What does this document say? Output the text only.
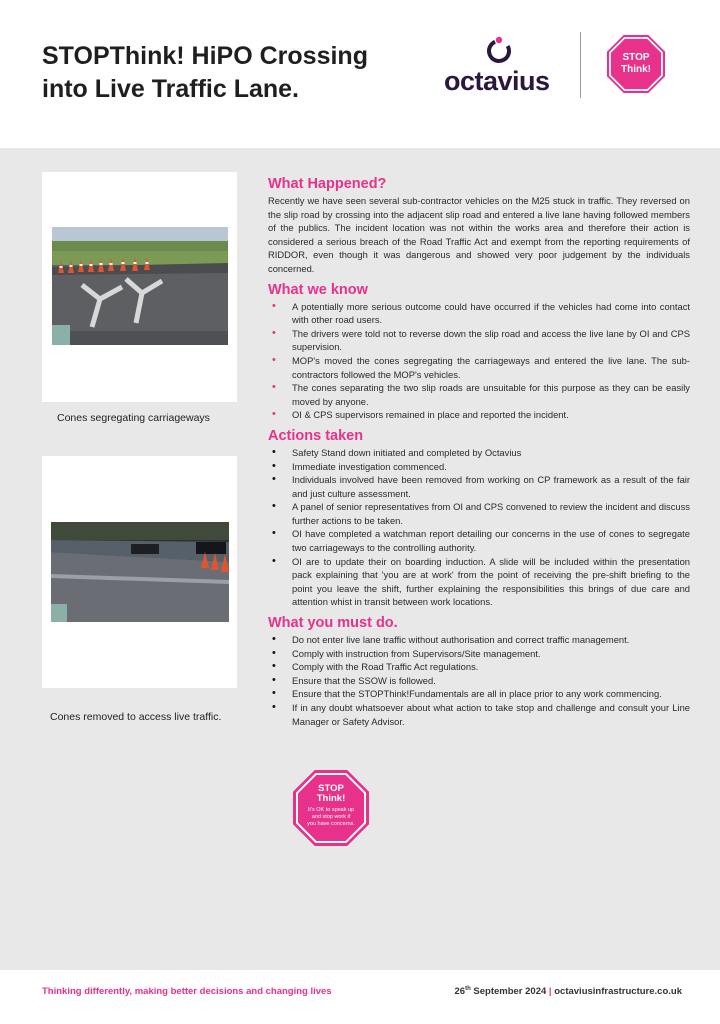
STOPThink! HiPO Crossing
into Live Traffic Lane.	octavius
STOP
Think!
Cones segregating carriageways
Cones removed to access live traffic.
What Happened?
Recently we have seen several sub-contractor vehicles on the M25 stuck in traffic. They reversed on the slip road by crossing into the adjacent slip road and entered a live lane having followed members of the publics. The incident location was not within the works area and therefore their action is considered a serious breach of the Road Traffic Act and exempt from the reporting requirements of RIDDOR, even though it was dangerous and showed very poor judgement by the individuals concerned.
What we know
• A potentially more serious outcome could have occurred if the vehicles had come into contact with other road users.
• The drivers were told not to reverse down the slip road and access the live lane by OI and CPS supervision.
• MOP's moved the cones segregating the carriageways and entered the live lane. The sub-contractors followed the MOP's vehicles.
• The cones separating the two slip roads are unsuitable for this purpose as they can be easily moved by anyone.
• OI & CPS supervisors remained in place and reported the incident.
Actions taken
• Safety Stand down initiated and completed by Octavius
• Immediate investigation commenced.
• Individuals involved have been removed from working on CP framework as a result of the fair and just culture assessment.
• A panel of senior representatives from OI and CPS convened to review the incident and discuss further actions to be taken.
• OI have completed a watchman report detailing our concerns in the use of cones to segregate two carriageways to the controlling authority.
• OI are to update their on boarding induction. A slide will be included within the presentation pack explaining that 'you are at work' from the point of receiving the pre-shift briefing to the point you leave the shift, further explaining the responsibilities this brings of due care and attention whist in transit between work locations.
What you must do.
• Do not enter live lane traffic without authorisation and correct traffic management.
• Comply with instruction from Supervisors/Site management.
• Comply with the Road Traffic Act regulations.
• Ensure that the SSOW is followed.
• Ensure that the STOPThink!Fundamentals are all in place prior to any work commencing.
• If in any doubt whatsoever about what action to take stop and challenge and consult your Line Manager or Safety Advisor.
STOP
Think!
It's OK to speak up
and stop work if
you have concerns.
Thinking differently, making better decisions and changing lives	26th September 2024 | octaviusinfrastructure.co.uk
